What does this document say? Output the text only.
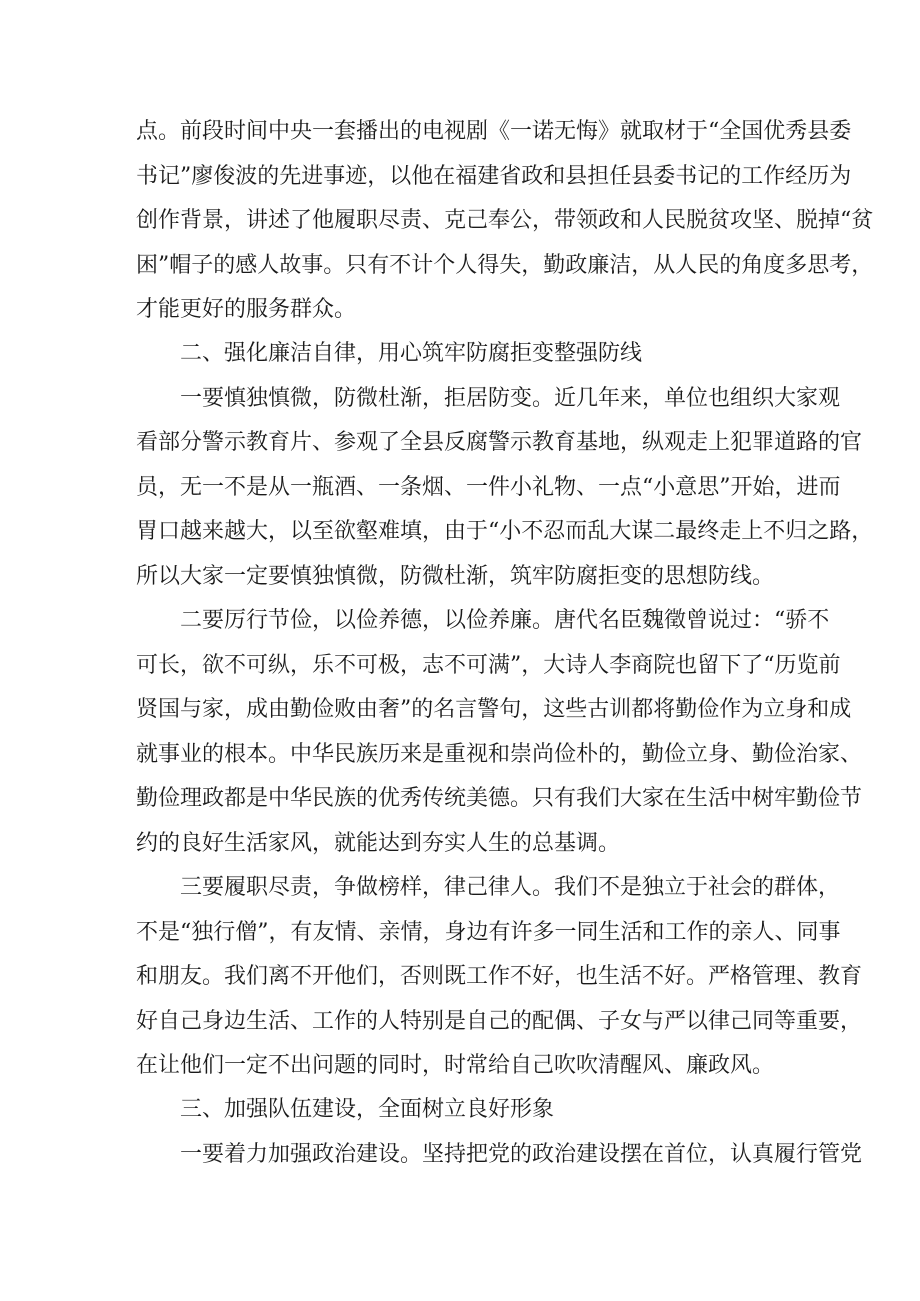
点。前段时间中央一套播出的电视剧《一诺无悔》就取材于“全国优秀县委

书记”廖俊波的先进事迹，以他在福建省政和县担任县委书记的工作经历为

创作背景，讲述了他履职尽责、克己奉公，带领政和人民脱贫攻坚、脱掉“贫

困”帽子的感人故事。只有不计个人得失，勤政廉洁，从人民的角度多思考，

才能更好的服务群众。

二、强化廉洁自律，用心筑牢防腐拒变整强防线

一要慎独慎微，防微杜渐，拒居防变。近几年来，单位也组织大家观

看部分警示教育片、参观了全县反腐警示教育基地，纵观走上犯罪道路的官

员，无一不是从一瓶酒、一条烟、一件小礼物、一点“小意思”开始，进而

胃口越来越大，以至欲壑难填，由于“小不忍而乱大谋二最终走上不归之路，

所以大家一定要慎独慎微，防微杜渐，筑牢防腐拒变的思想防线。

二要厉行节俭，以俭养德，以俭养廉。唐代名臣魏徵曾说过：“骄不

可长，欲不可纵，乐不可极，志不可满”，大诗人李商院也留下了“历览前

贤国与家，成由勤俭败由奢”的名言警句，这些古训都将勤俭作为立身和成

就事业的根本。中华民族历来是重视和崇尚俭朴的，勤俭立身、勤俭治家、

勤俭理政都是中华民族的优秀传统美德。只有我们大家在生活中树牢勤俭节

约的良好生活家风，就能达到夯实人生的总基调。

三要履职尽责，争做榜样，律己律人。我们不是独立于社会的群体，

不是“独行僧”，有友情、亲情，身边有许多一同生活和工作的亲人、同事

和朋友。我们离不开他们，否则既工作不好，也生活不好。严格管理、教育

好自己身边生活、工作的人特别是自己的配偶、子女与严以律己同等重要，

在让他们一定不出问题的同时，时常给自己吹吹清醒风、廉政风。

三、加强队伍建设，全面树立良好形象

一要着力加强政治建设。坚持把党的政治建设摆在首位，认真履行管党
